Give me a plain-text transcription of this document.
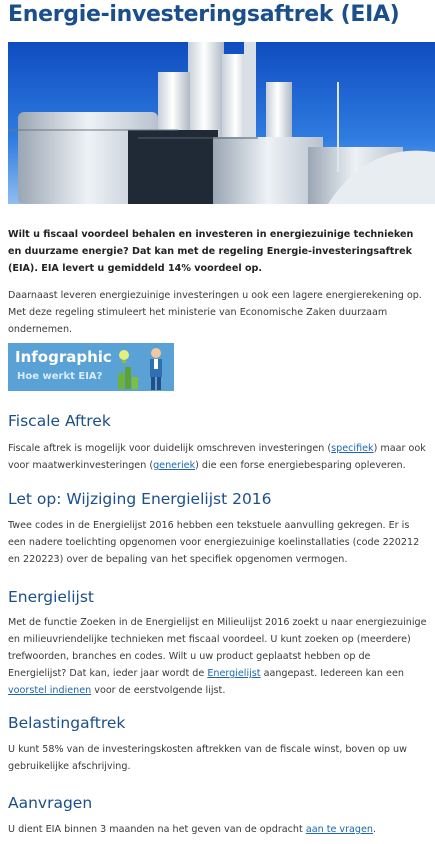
Energie-investeringsaftrek (EIA)

Wilt u fiscaal voordeel behalen en investeren in energiezuinige technieken en duurzame energie? Dat kan met de regeling Energie-investeringsaftrek (EIA). EIA levert u gemiddeld 14% voordeel op.

Daarnaast leveren energiezuinige investeringen u ook een lagere energierekening op. Met deze regeling stimuleert het ministerie van Economische Zaken duurzaam ondernemen.

Infographic
Hoe werkt EIA?
Fiscale Aftrek

Fiscale aftrek is mogelijk voor duidelijk omschreven investeringen (specifiek) maar ook voor maatwerkinvesteringen (generiek) die een forse energiebesparing opleveren.

Let op: Wijziging Energielijst 2016

Twee codes in de Energielijst 2016 hebben een tekstuele aanvulling gekregen. Er is een nadere toelichting opgenomen voor energiezuinige koelinstallaties (code 220212 en 220223) over de bepaling van het specifiek opgenomen vermogen.

Energielijst

Met de functie Zoeken in de Energielijst en Milieulijst 2016 zoekt u naar energiezuinige en milieuvriendelijke technieken met fiscaal voordeel. U kunt zoeken op (meerdere) trefwoorden, branches en codes. Wilt u uw product geplaatst hebben op de Energielijst? Dat kan, ieder jaar wordt de Energielijst aangepast. Iedereen kan een voorstel indienen voor de eerstvolgende lijst.

Belastingaftrek

U kunt 58% van de investeringskosten aftrekken van de fiscale winst, boven op uw gebruikelijke afschrijving.

Aanvragen

U dient EIA binnen 3 maanden na het geven van de opdracht aan te vragen.
